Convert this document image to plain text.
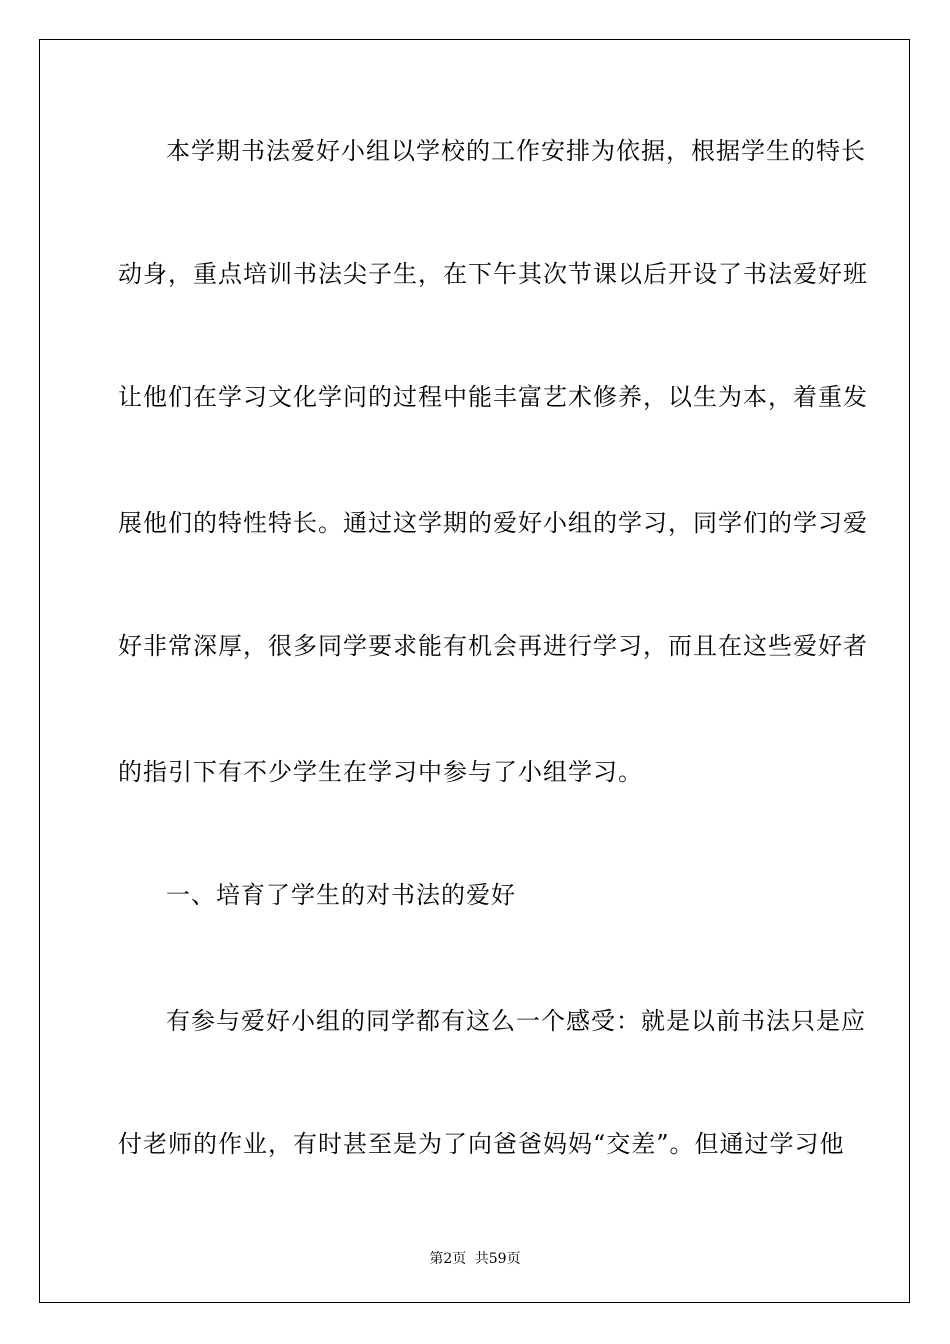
本学期书法爱好小组以学校的工作安排为依据，根据学生的特长
动身，重点培训书法尖子生，在下午其次节课以后开设了书法爱好班
让他们在学习文化学问的过程中能丰富艺术修养，以生为本，着重发
展他们的特性特长。通过这学期的爱好小组的学习，同学们的学习爱
好非常深厚，很多同学要求能有机会再进行学习，而且在这些爱好者
的指引下有不少学生在学习中参与了小组学习。
一、培育了学生的对书法的爱好
有参与爱好小组的同学都有这么一个感受：就是以前书法只是应
付老师的作业，有时甚至是为了向爸爸妈妈“交差”。但通过学习他
第2页 共59页
